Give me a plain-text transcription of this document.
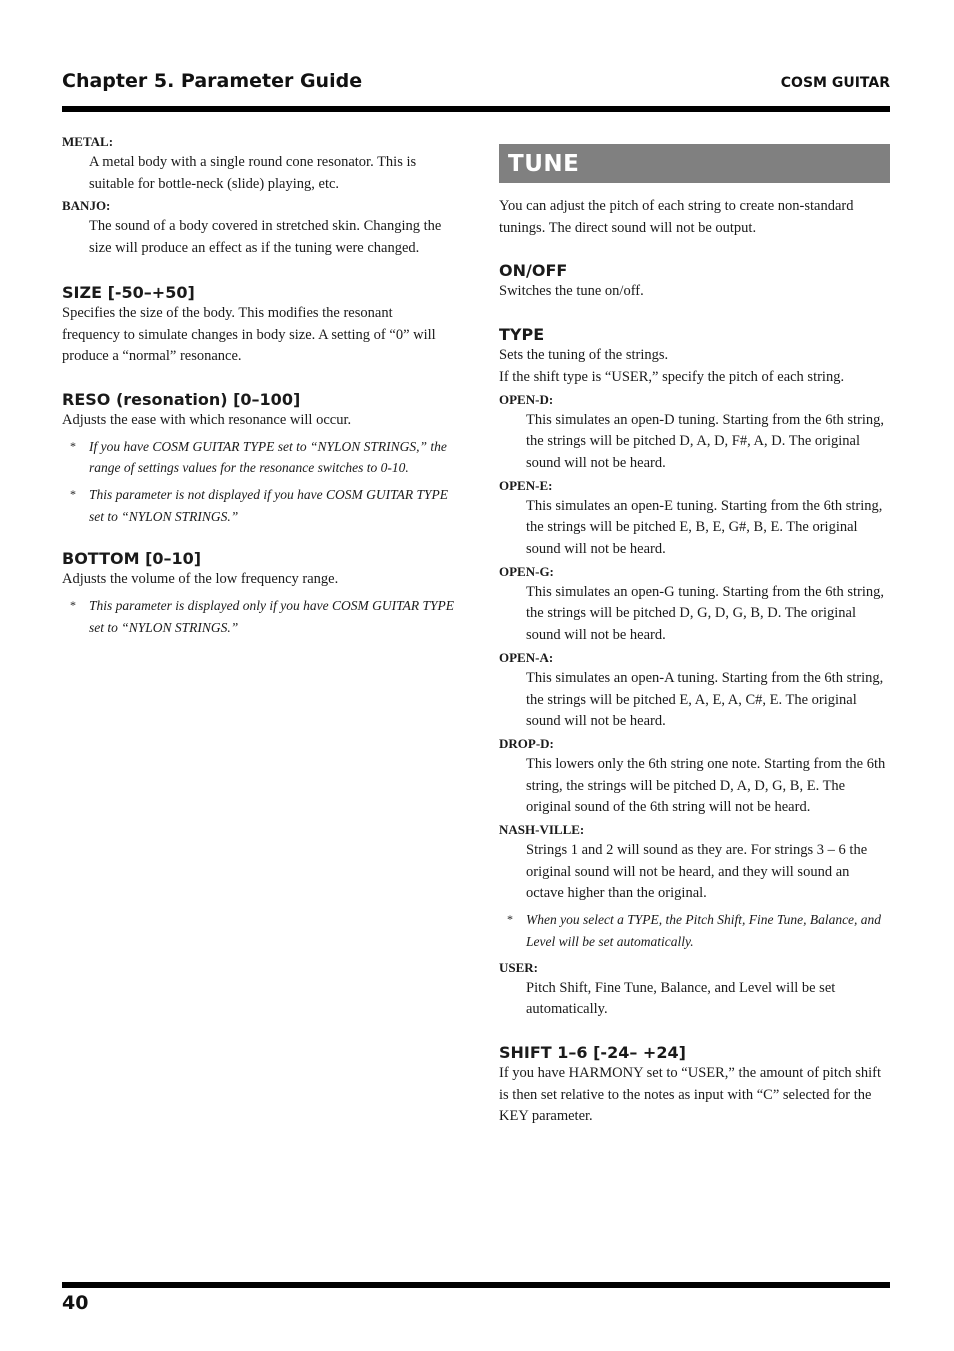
Chapter 5. Parameter Guide	COSM GUITAR

METAL:

A metal body with a single round cone resonator. This is suitable for bottle-neck (slide) playing, etc.

BANJO:

The sound of a body covered in stretched skin. Changing the size will produce an effect as if the tuning were changed.

SIZE [-50–+50]

Specifies the size of the body. This modifies the resonant frequency to simulate changes in body size. A setting of “0” will produce a “normal” resonance.

RESO (resonation) [0–100]

Adjusts the ease with which resonance will occur.

* If you have COSM GUITAR TYPE set to “NYLON STRINGS,” the range of settings values for the resonance switches to 0-10.

* This parameter is not displayed if you have COSM GUITAR TYPE set to “NYLON STRINGS.”

BOTTOM [0–10]

Adjusts the volume of the low frequency range.

* This parameter is displayed only if you have COSM GUITAR TYPE set to “NYLON STRINGS.”

TUNE

You can adjust the pitch of each string to create non-standard tunings. The direct sound will not be output.

ON/OFF

Switches the tune on/off.

TYPE

Sets the tuning of the strings.

If the shift type is “USER,” specify the pitch of each string.

OPEN-D:

This simulates an open-D tuning. Starting from the 6th string, the strings will be pitched D, A, D, F#, A, D. The original sound will not be heard.

OPEN-E:

This simulates an open-E tuning. Starting from the 6th string, the strings will be pitched E, B, E, G#, B, E. The original sound will not be heard.

OPEN-G:

This simulates an open-G tuning. Starting from the 6th string, the strings will be pitched D, G, D, G, B, D. The original sound will not be heard.

OPEN-A:

This simulates an open-A tuning. Starting from the 6th string, the strings will be pitched E, A, E, A, C#, E. The original sound will not be heard.

DROP-D:

This lowers only the 6th string one note. Starting from the 6th string, the strings will be pitched D, A, D, G, B, E. The original sound of the 6th string will not be heard.

NASH-VILLE:

Strings 1 and 2 will sound as they are. For strings 3 – 6 the original sound will not be heard, and they will sound an octave higher than the original.

* When you select a TYPE, the Pitch Shift, Fine Tune, Balance, and Level will be set automatically.

USER:

Pitch Shift, Fine Tune, Balance, and Level will be set automatically.

SHIFT 1–6 [-24– +24]

If you have HARMONY set to “USER,” the amount of pitch shift is then set relative to the notes as input with “C” selected for the KEY parameter.

40
